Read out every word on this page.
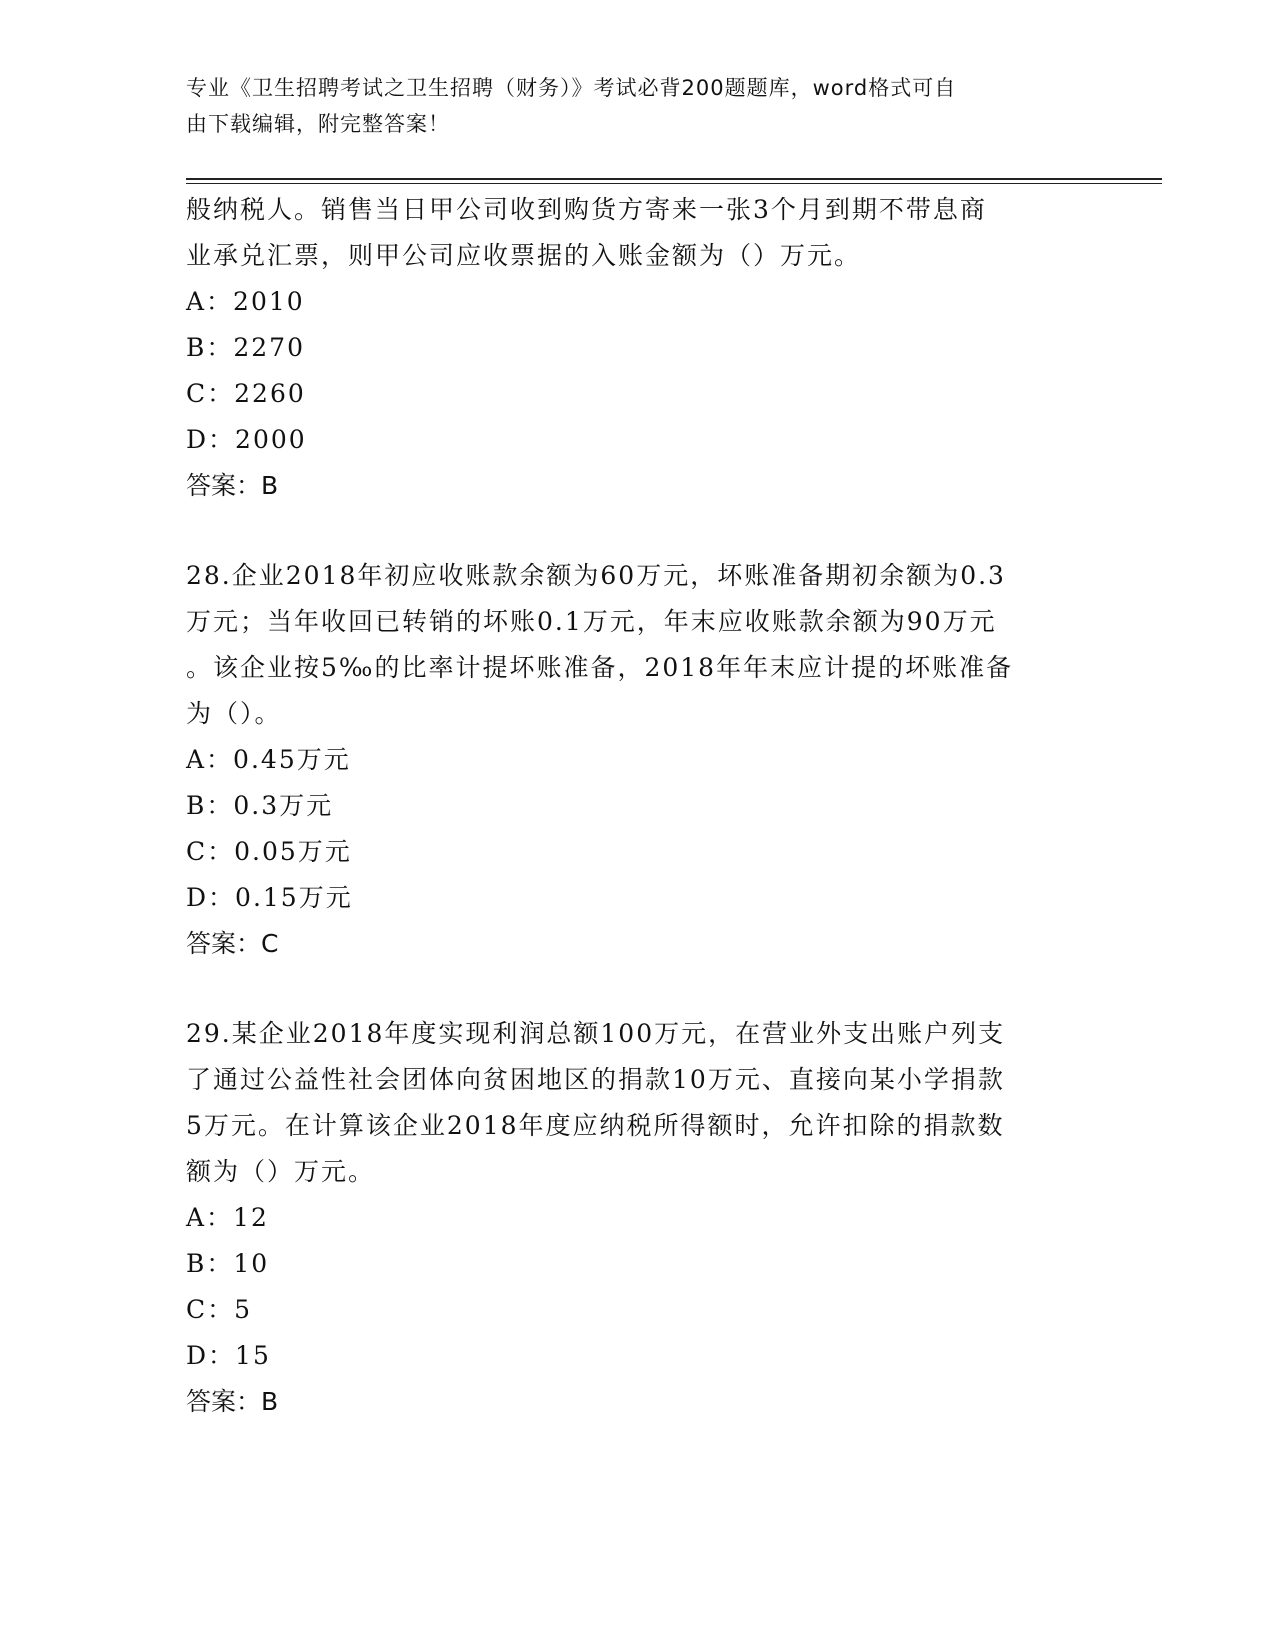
专业《卫生招聘考试之卫生招聘（财务）》考试必背200题题库，word格式可自
由下载编辑，附完整答案！
般纳税人。销售当日甲公司收到购货方寄来一张3个月到期不带息商
业承兑汇票，则甲公司应收票据的入账金额为（）万元。
A：2010
B：2270
C：2260
D：2000
答案：B
28.企业2018年初应收账款余额为60万元，坏账准备期初余额为0.3
万元；当年收回已转销的坏账0.1万元，年末应收账款余额为90万元
。该企业按5‰的比率计提坏账准备，2018年年末应计提的坏账准备
为（）。
A：0.45万元
B：0.3万元
C：0.05万元
D：0.15万元
答案：C
29.某企业2018年度实现利润总额100万元，在营业外支出账户列支
了通过公益性社会团体向贫困地区的捐款10万元、直接向某小学捐款
5万元。在计算该企业2018年度应纳税所得额时，允许扣除的捐款数
额为（）万元。
A：12
B：10
C：5
D：15
答案：B
